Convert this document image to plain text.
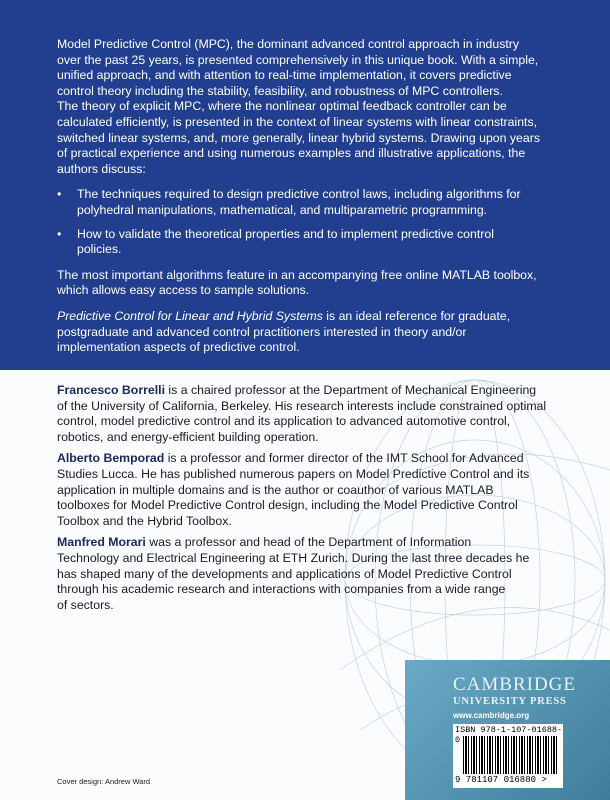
Model Predictive Control (MPC), the dominant advanced control approach in industry
over the past 25 years, is presented comprehensively in this unique book. With a simple,
unified approach, and with attention to real-time implementation, it covers predictive
control theory including the stability, feasibility, and robustness of MPC controllers.
The theory of explicit MPC, where the nonlinear optimal feedback controller can be
calculated efficiently, is presented in the context of linear systems with linear constraints,
switched linear systems, and, more generally, linear hybrid systems. Drawing upon years
of practical experience and using numerous examples and illustrative applications, the
authors discuss:
• The techniques required to design predictive control laws, including algorithms for
polyhedral manipulations, mathematical, and multiparametric programming.
• How to validate the theoretical properties and to implement predictive control
policies.
The most important algorithms feature in an accompanying free online MATLAB toolbox,
which allows easy access to sample solutions.
Predictive Control for Linear and Hybrid Systems is an ideal reference for graduate,
postgraduate and advanced control practitioners interested in theory and/or
implementation aspects of predictive control.
Francesco Borrelli is a chaired professor at the Department of Mechanical Engineering
of the University of California, Berkeley. His research interests include constrained optimal
control, model predictive control and its application to advanced automotive control,
robotics, and energy-efficient building operation.
Alberto Bemporad is a professor and former director of the IMT School for Advanced
Studies Lucca. He has published numerous papers on Model Predictive Control and its
application in multiple domains and is the author or coauthor of various MATLAB
toolboxes for Model Predictive Control design, including the Model Predictive Control
Toolbox and the Hybrid Toolbox.
Manfred Morari was a professor and head of the Department of Information
Technology and Electrical Engineering at ETH Zurich. During the last three decades he
has shaped many of the developments and applications of Model Predictive Control
through his academic research and interactions with companies from a wide range
of sectors.
CAMBRIDGE
UNIVERSITY PRESS
www.cambridge.org
ISBN 978-1-107-01688-0
9 781107 016880 >
Cover design: Andrew Ward
